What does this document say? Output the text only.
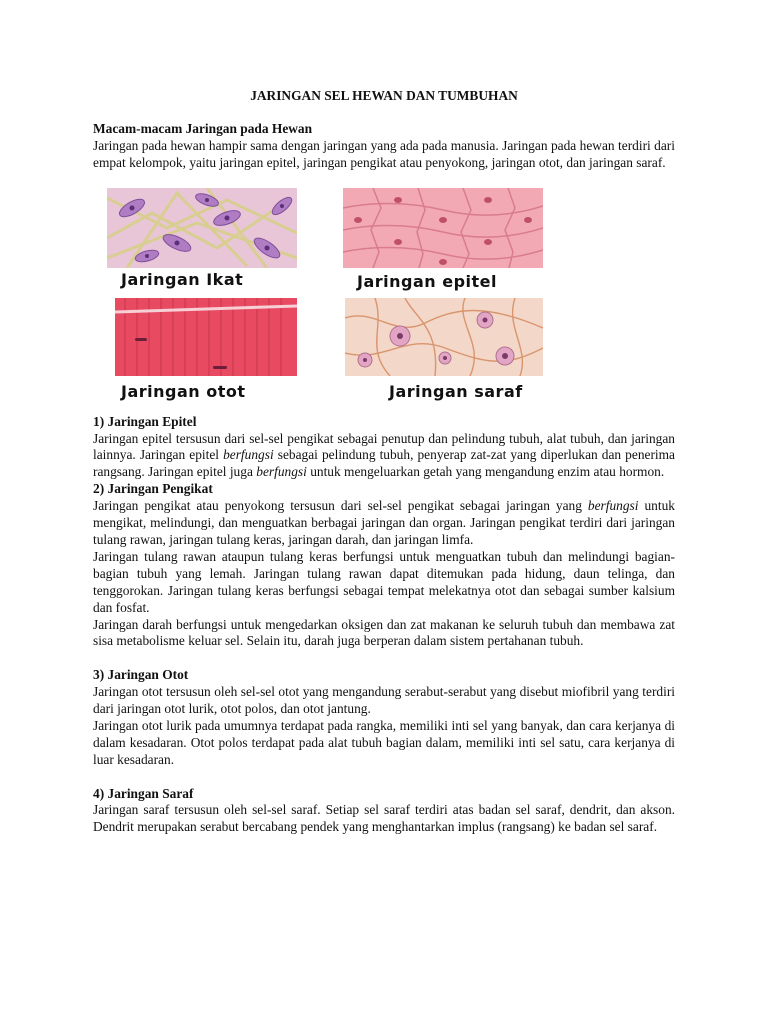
JARINGAN SEL HEWAN DAN TUMBUHAN
Macam-macam Jaringan pada Hewan

Jaringan pada hewan hampir sama dengan jaringan yang ada pada manusia. Jaringan pada hewan terdiri dari empat kelompok, yaitu jaringan epitel, jaringan pengikat atau penyokong, jaringan otot, dan jaringan saraf.

Jaringan Ikat	Jaringan epitel
Jaringan otot	Jaringan saraf
1) Jaringan Epitel

Jaringan epitel tersusun dari sel-sel pengikat sebagai penutup dan pelindung tubuh, alat tubuh, dan jaringan lainnya. Jaringan epitel berfungsi sebagai pelindung tubuh, penyerap zat-zat yang diperlukan dan penerima rangsang. Jaringan epitel juga berfungsi untuk mengeluarkan getah yang mengandung enzim atau hormon.

2) Jaringan Pengikat

Jaringan pengikat atau penyokong tersusun dari sel-sel pengikat sebagai jaringan yang berfungsi untuk mengikat, melindungi, dan menguatkan berbagai jaringan dan organ. Jaringan pengikat terdiri dari jaringan tulang rawan, jaringan tulang keras, jaringan darah, dan jaringan limfa.

Jaringan tulang rawan ataupun tulang keras berfungsi untuk menguatkan tubuh dan melindungi bagian-bagian tubuh yang lemah. Jaringan tulang rawan dapat ditemukan pada hidung, daun telinga, dan tenggorokan. Jaringan tulang keras berfungsi sebagai tempat melekatnya otot dan sebagai sumber kalsium dan fosfat.

Jaringan darah berfungsi untuk mengedarkan oksigen dan zat makanan ke seluruh tubuh dan membawa zat sisa metabolisme keluar sel. Selain itu, darah juga berperan dalam sistem pertahanan tubuh.

3) Jaringan Otot

Jaringan otot tersusun oleh sel-sel otot yang mengandung serabut-serabut yang disebut miofibril yang terdiri dari jaringan otot lurik, otot polos, dan otot jantung.

Jaringan otot lurik pada umumnya terdapat pada rangka, memiliki inti sel yang banyak, dan cara kerjanya di dalam kesadaran. Otot polos terdapat pada alat tubuh bagian dalam, memiliki inti sel satu, cara kerjanya di luar kesadaran.

4) Jaringan Saraf

Jaringan saraf tersusun oleh sel-sel saraf. Setiap sel saraf terdiri atas badan sel saraf, dendrit, dan akson. Dendrit merupakan serabut bercabang pendek yang menghantarkan implus (rangsang) ke badan sel saraf.
